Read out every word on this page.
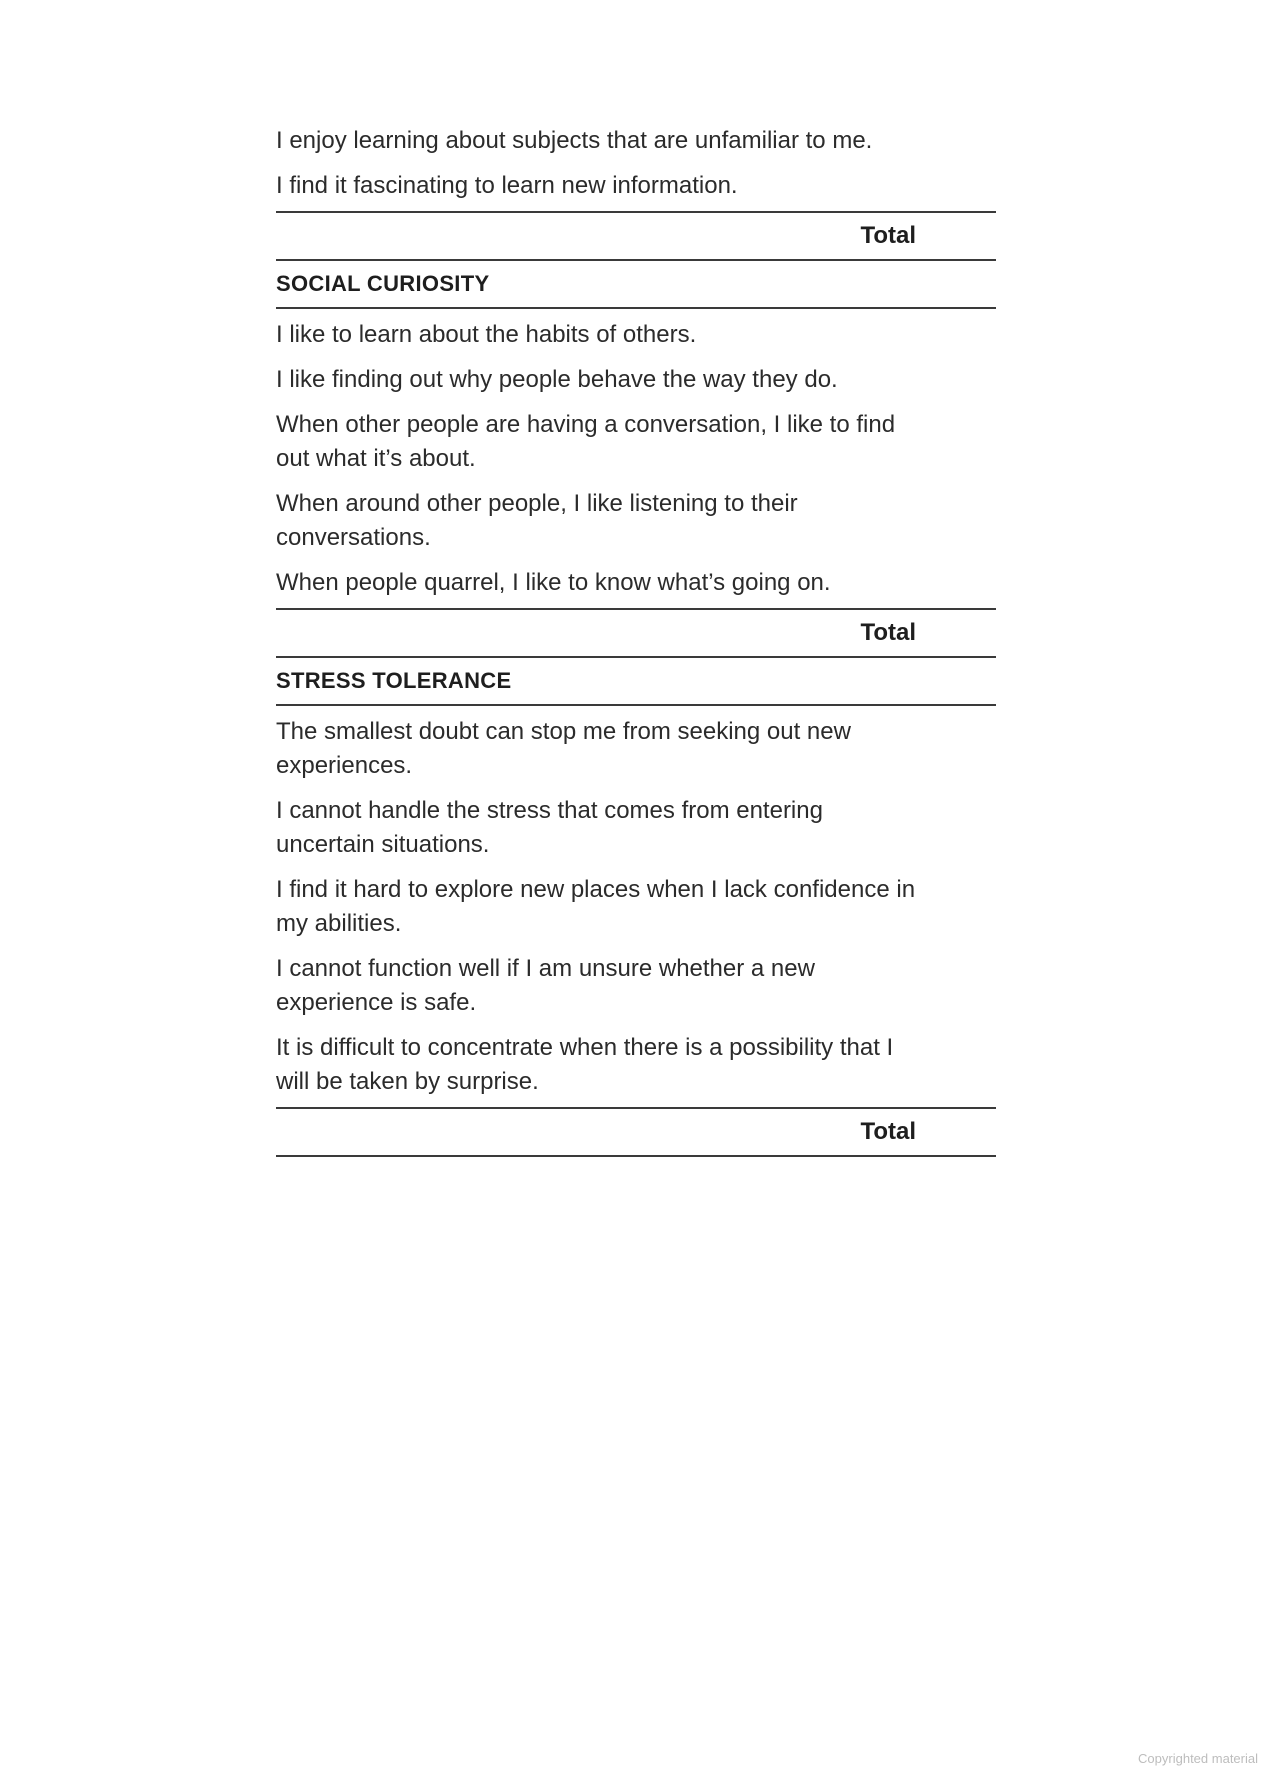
I enjoy learning about subjects that are unfamiliar to me.
I find it fascinating to learn new information.
Total
SOCIAL CURIOSITY
I like to learn about the habits of others.
I like finding out why people behave the way they do.
When other people are having a conversation, I like to find out what it’s about.
When around other people, I like listening to their conversations.
When people quarrel, I like to know what’s going on.
Total
STRESS TOLERANCE
The smallest doubt can stop me from seeking out new experiences.
I cannot handle the stress that comes from entering uncertain situations.
I find it hard to explore new places when I lack confidence in my abilities.
I cannot function well if I am unsure whether a new experience is safe.
It is difficult to concentrate when there is a possibility that I will be taken by surprise.
Total
Copyrighted material
